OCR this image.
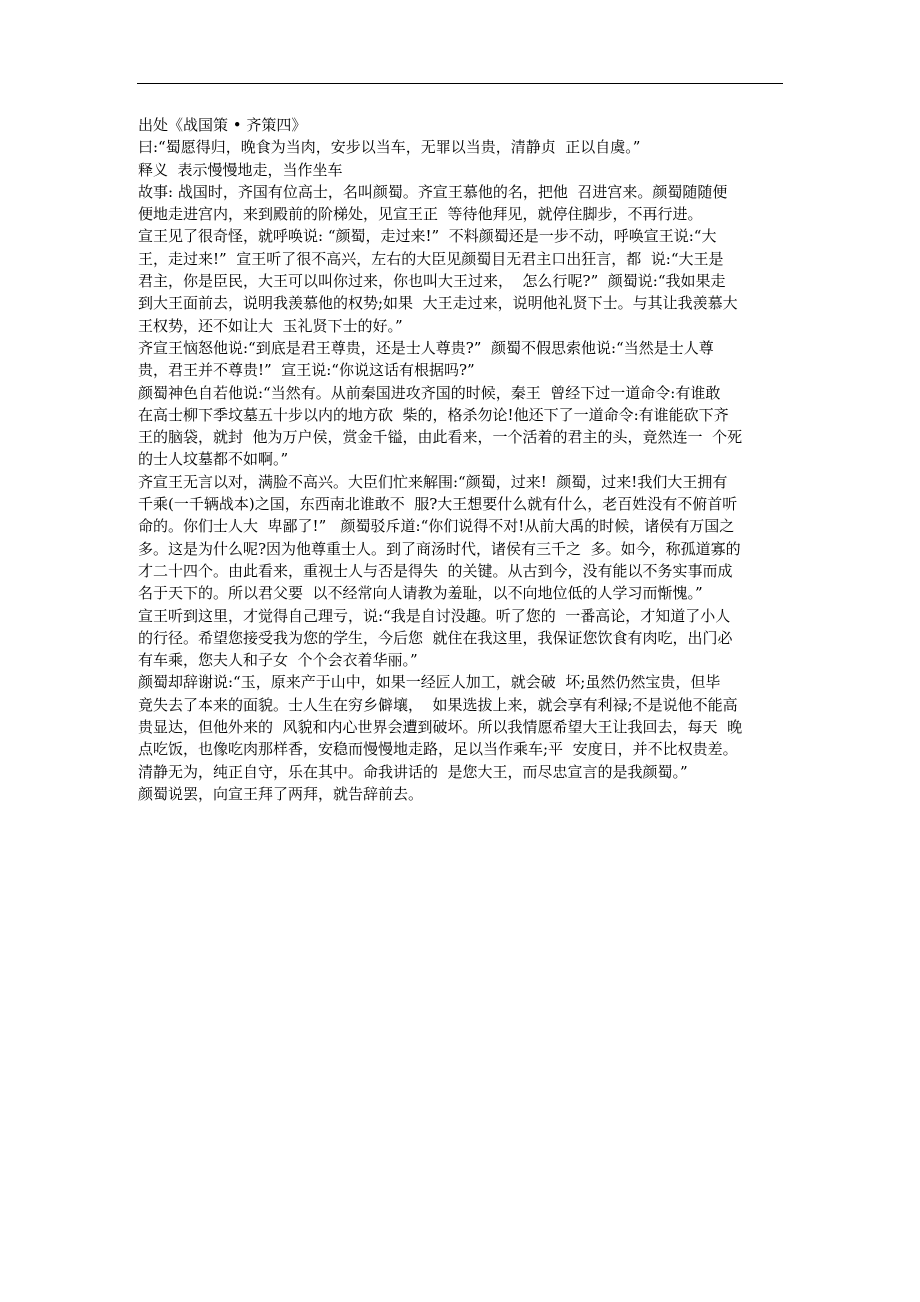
出处《战国策 • 齐策四》
曰:“蜀愿得归，晚食为当肉，安步以当车，无罪以当贵，清静贞  正以自虞。”
释义  表示慢慢地走，当作坐车
故事: 战国时，齐国有位高士，名叫颜蜀。齐宣王慕他的名，把他  召进宫来。颜蜀随随便
便地走进宫内，来到殿前的阶梯处，见宣王正  等待他拜见，就停住脚步，不再行进。
宣王见了很奇怪，就呼唤说: “颜蜀，走过来!”  不料颜蜀还是一步不动，呼唤宣王说:“大
王，走过来!”  宣王听了很不高兴，左右的大臣见颜蜀目无君主口出狂言，都  说:“大王是
君主，你是臣民，大王可以叫你过来，你也叫大王过来，  怎么行呢?”  颜蜀说:“我如果走
到大王面前去，说明我羡慕他的权势;如果  大王走过来，说明他礼贤下士。与其让我羡慕大
王权势，还不如让大  玉礼贤下士的好。”
齐宣王恼怒他说:“到底是君王尊贵，还是士人尊贵?”  颜蜀不假思索他说:“当然是士人尊
贵，君王并不尊贵!”  宣王说:“你说这话有根据吗?”
颜蜀神色自若他说:“当然有。从前秦国进攻齐国的时候，秦王  曾经下过一道命令:有谁敢
在高士柳下季坟墓五十步以内的地方砍  柴的，格杀勿论!他还下了一道命令:有谁能砍下齐
王的脑袋，就封  他为万户侯，赏金千镒，由此看来，一个活着的君主的头，竟然连一  个死
的士人坟墓都不如啊。”
齐宣王无言以对，满脸不高兴。大臣们忙来解围:“颜蜀，过来!  颜蜀，过来!我们大王拥有
千乘(一千辆战本)之国，东西南北谁敢不  服?大王想要什么就有什么，老百姓没有不俯首听
命的。你们士人大  卑鄙了!”   颜蜀驳斥道:“你们说得不对!从前大禹的时候，诸侯有万国之
多。这是为什么呢?因为他尊重士人。到了商汤时代，诸侯有三千之  多。如今，称孤道寡的
才二十四个。由此看来，重视士人与否是得失  的关键。从古到今，没有能以不务实事而成
名于天下的。所以君父要  以不经常向人请教为羞耻，以不向地位低的人学习而惭愧。”
宣王听到这里，才觉得自己理亏，说:“我是自讨没趣。听了您的  一番高论，才知道了小人
的行径。希望您接受我为您的学生，今后您  就住在我这里，我保证您饮食有肉吃，出门必
有车乘，您夫人和子女  个个会衣着华丽。”
颜蜀却辞谢说:“玉，原来产于山中，如果一经匠人加工，就会破  坏;虽然仍然宝贵，但毕
竟失去了本来的面貌。士人生在穷乡僻壤，  如果选拔上来，就会享有利禄;不是说他不能高
贵显达，但他外来的  风貌和内心世界会遭到破坏。所以我情愿希望大王让我回去，每天  晚
点吃饭，也像吃肉那样香，安稳而慢慢地走路，足以当作乘车;平  安度日，并不比权贵差。
清静无为，纯正自守，乐在其中。命我讲话的  是您大王，而尽忠宣言的是我颜蜀。”
颜蜀说罢，向宣王拜了两拜，就告辞前去。
